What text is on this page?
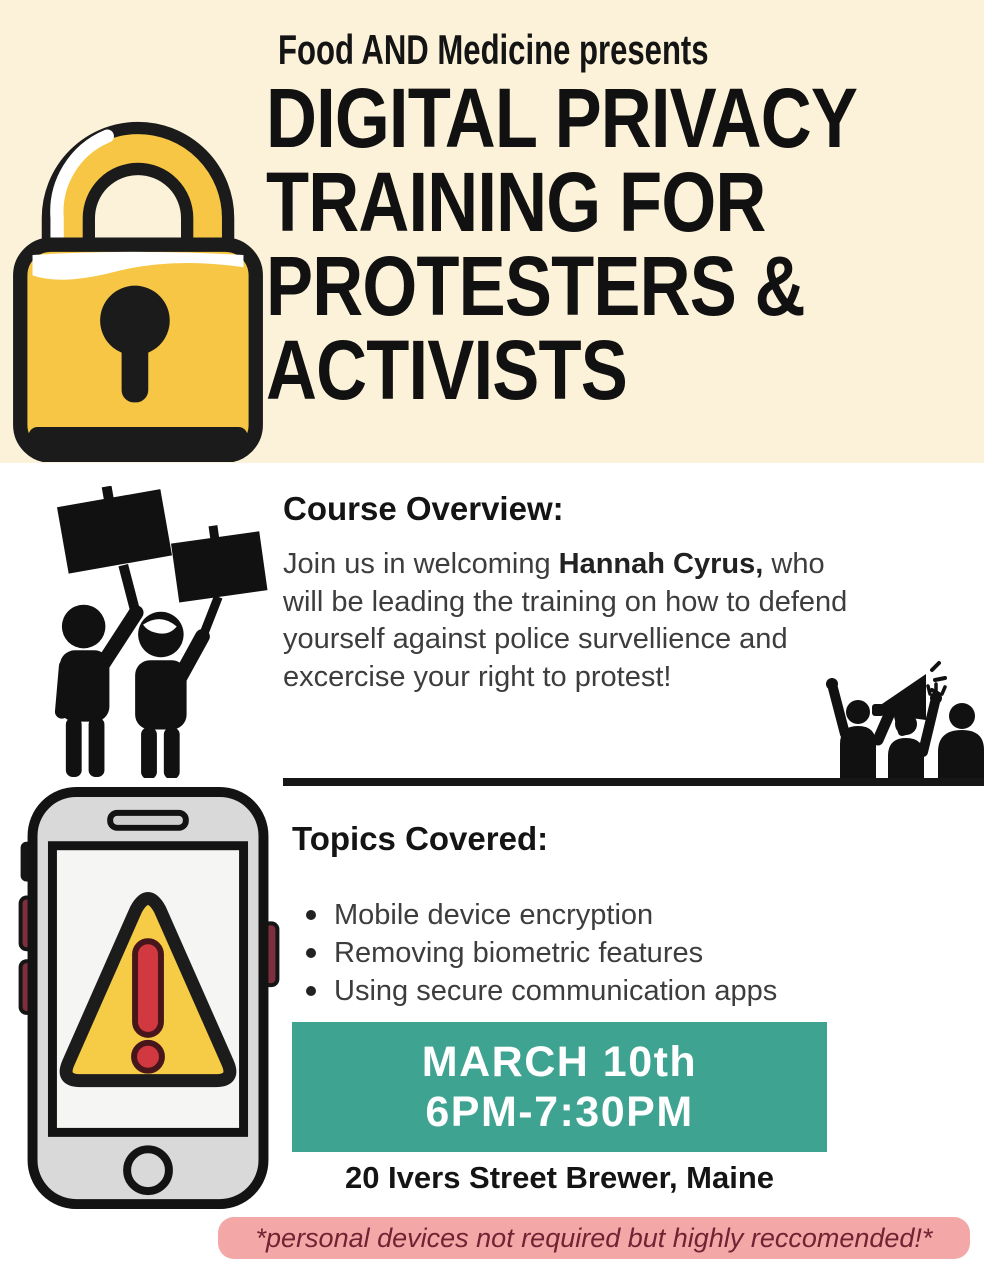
Food AND Medicine presents
DIGITAL PRIVACY
TRAINING FOR
PROTESTERS &
ACTIVISTS
Course Overview:

Join us in welcoming Hannah Cyrus, who will be leading the training on how to defend yourself against police survellience and excercise your right to protest!

Topics Covered:
Mobile device encryption
Removing biometric features
Using secure communication apps
MARCH 10th
6PM-7:30PM
20 Ivers Street Brewer, Maine
*personal devices not required but highly reccomended!*
